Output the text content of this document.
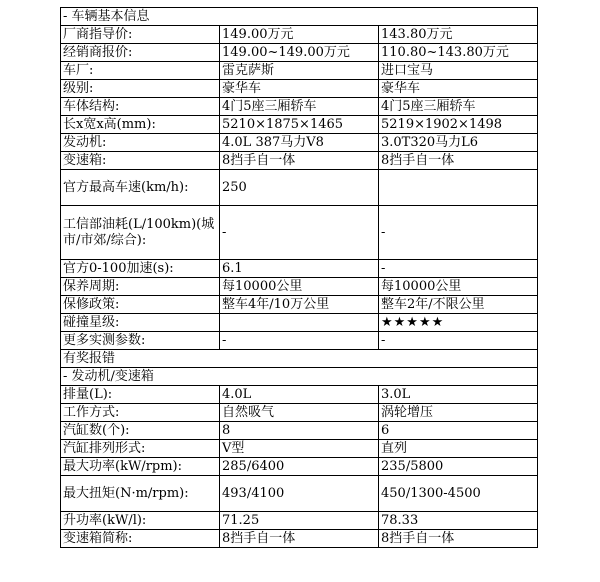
- 车辆基本信息		
厂商指导价:	149.00万元	143.80万元
经销商报价:	149.00~149.00万元	110.80~143.80万元
车厂:	雷克萨斯	进口宝马
级别:	豪华车	豪华车
车体结构:	4门5座三厢轿车	4门5座三厢轿车
长x宽x高(mm):	5210×1875×1465	5219×1902×1498
发动机:	4.0L 387马力V8	3.0T320马力L6
变速箱:	8挡手自一体	8挡手自一体
官方最高车速(km/h):	250	
工信部油耗(L/100km)(城市/市郊/综合):	-	-
官方0-100加速(s):	6.1	-
保养周期:	每10000公里	每10000公里
保修政策:	整车4年/10万公里	整车2年/不限公里
碰撞星级:		★★★★★
更多实测参数:	-	-
有奖报错		
- 发动机/变速箱		
排量(L):	4.0L	3.0L
工作方式:	自然吸气	涡轮增压
汽缸数(个):	8	6
汽缸排列形式:	V型	直列
最大功率(kW/rpm):	285/6400	235/5800
最大扭矩(N·m/rpm):	493/4100	450/1300-4500
升功率(kW/l):	71.25	78.33
变速箱简称:	8挡手自一体	8挡手自一体
